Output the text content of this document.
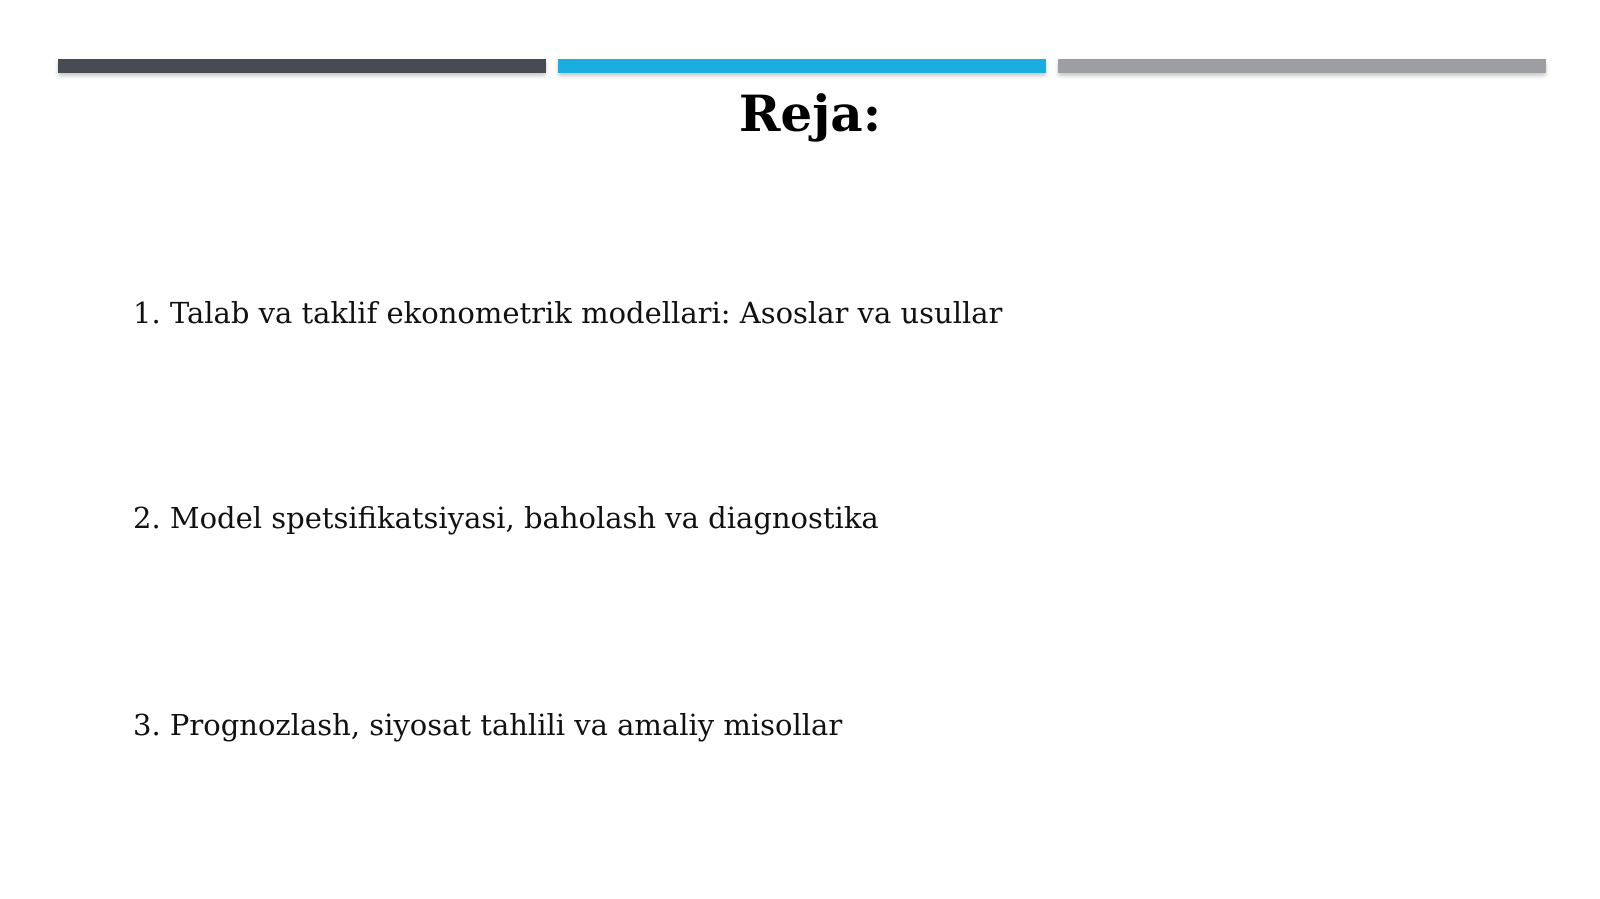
Reja:
1. Talab va taklif ekonometrik modellari: Asoslar va usullar
2. Model spetsifikatsiyasi, baholash va diagnostika
3. Prognozlash, siyosat tahlili va amaliy misollar
